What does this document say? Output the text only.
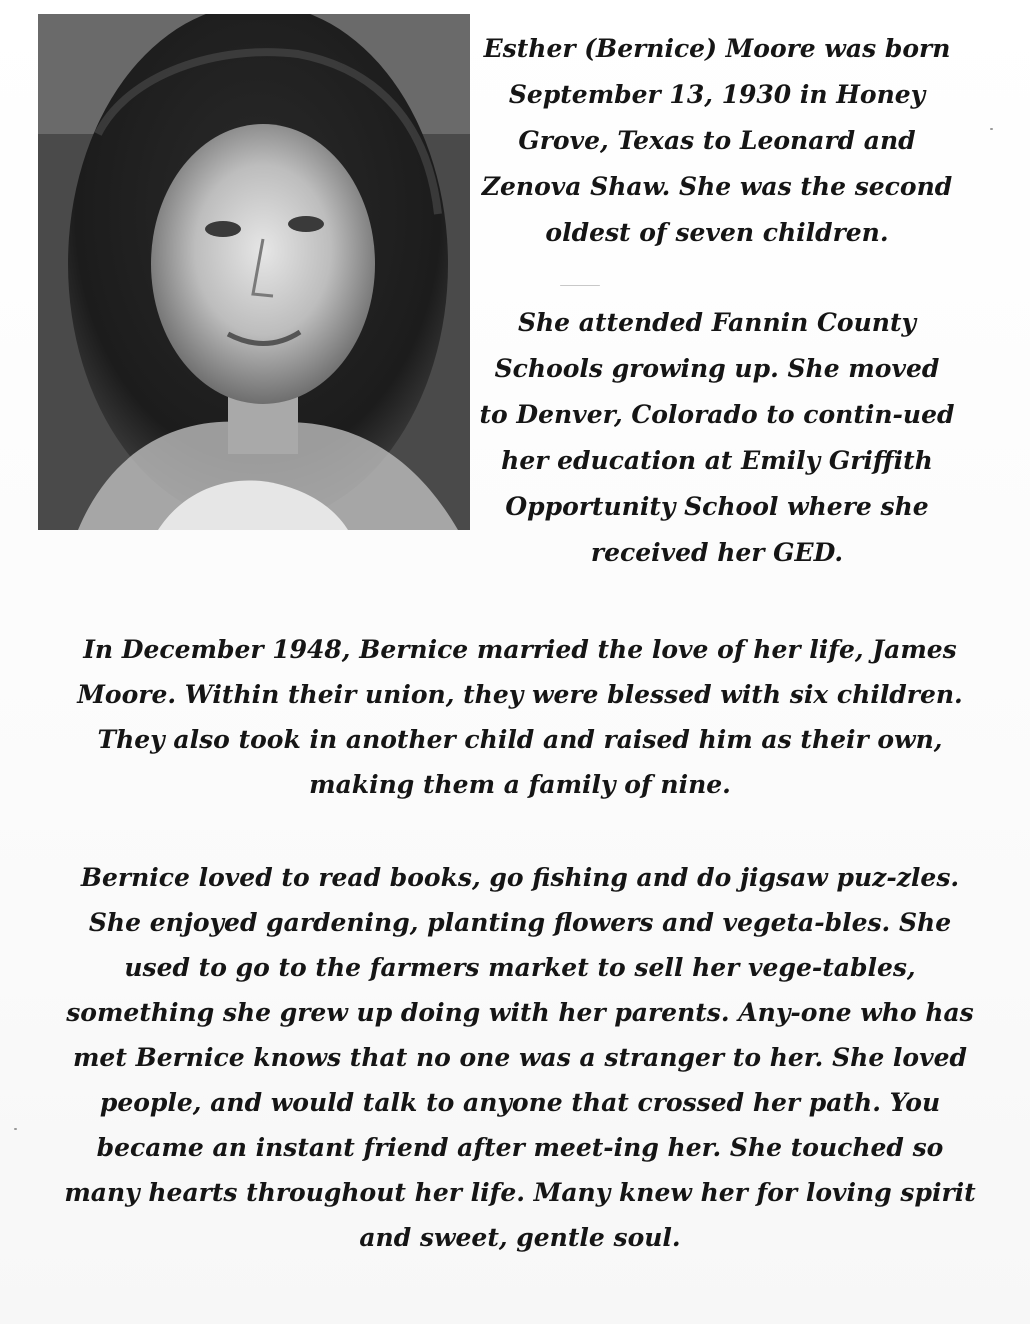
Esther (Bernice) Moore was born September 13, 1930 in Honey Grove, Texas to Leonard and Zenova Shaw. She was the second oldest of seven children.

She attended Fannin County Schools growing up. She moved to Denver, Colorado to contin-ued her education at Emily Griffith Opportunity School where she received her GED.

In December 1948, Bernice married the love of her life, James Moore. Within their union, they were blessed with six children. They also took in another child and raised him as their own, making them a family of nine.

Bernice loved to read books, go fishing and do jigsaw puz-zles. She enjoyed gardening, planting flowers and vegeta-bles. She used to go to the farmers market to sell her vege-tables, something she grew up doing with her parents. Any-one who has met Bernice knows that no one was a stranger to her. She loved people, and would talk to anyone that crossed her path. You became an instant friend after meet-ing her. She touched so many hearts throughout her life. Many knew her for loving spirit and sweet, gentle soul.
